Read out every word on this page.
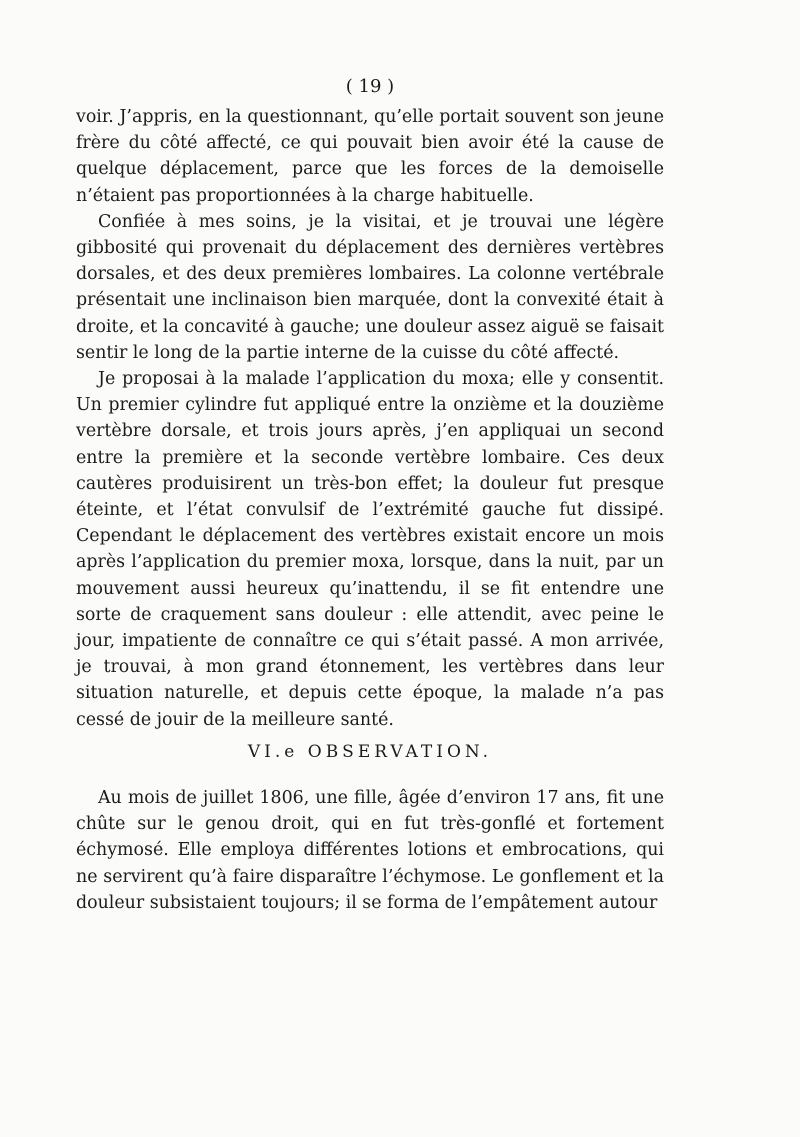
( 19 )

voir. J’appris, en la questionnant, qu’elle portait souvent son jeune frère du côté affecté, ce qui pouvait bien avoir été la cause de quelque déplacement, parce que les forces de la demoiselle n’étaient pas proportionnées à la charge habituelle.

Confiée à mes soins, je la visitai, et je trouvai une légère gibbosité qui provenait du déplacement des dernières vertèbres dorsales, et des deux premières lombaires. La colonne vertébrale présentait une inclinaison bien marquée, dont la convexité était à droite, et la concavité à gauche; une douleur assez aiguë se faisait sentir le long de la partie interne de la cuisse du côté affecté.

Je proposai à la malade l’application du moxa; elle y consentit. Un premier cylindre fut appliqué entre la onzième et la douzième vertèbre dorsale, et trois jours après, j’en appliquai un second entre la première et la seconde vertèbre lombaire. Ces deux cautères produisirent un très-bon effet; la douleur fut presque éteinte, et l’état convulsif de l’extrémité gauche fut dissipé. Cependant le déplacement des vertèbres existait encore un mois après l’application du premier moxa, lorsque, dans la nuit, par un mouvement aussi heureux qu’inattendu, il se fit entendre une sorte de craquement sans douleur : elle attendit, avec peine le jour, impatiente de connaître ce qui s’était passé. A mon arrivée, je trouvai, à mon grand étonnement, les vertèbres dans leur situation naturelle, et depuis cette époque, la malade n’a pas cessé de jouir de la meilleure santé.

VI.e OBSERVATION.

Au mois de juillet 1806, une fille, âgée d’environ 17 ans, fit une chûte sur le genou droit, qui en fut très-gonflé et fortement échymosé. Elle employa différentes lotions et embrocations, qui ne servirent qu’à faire disparaître l’échymose. Le gonflement et la douleur subsistaient toujours; il se forma de l’empâtement autour
